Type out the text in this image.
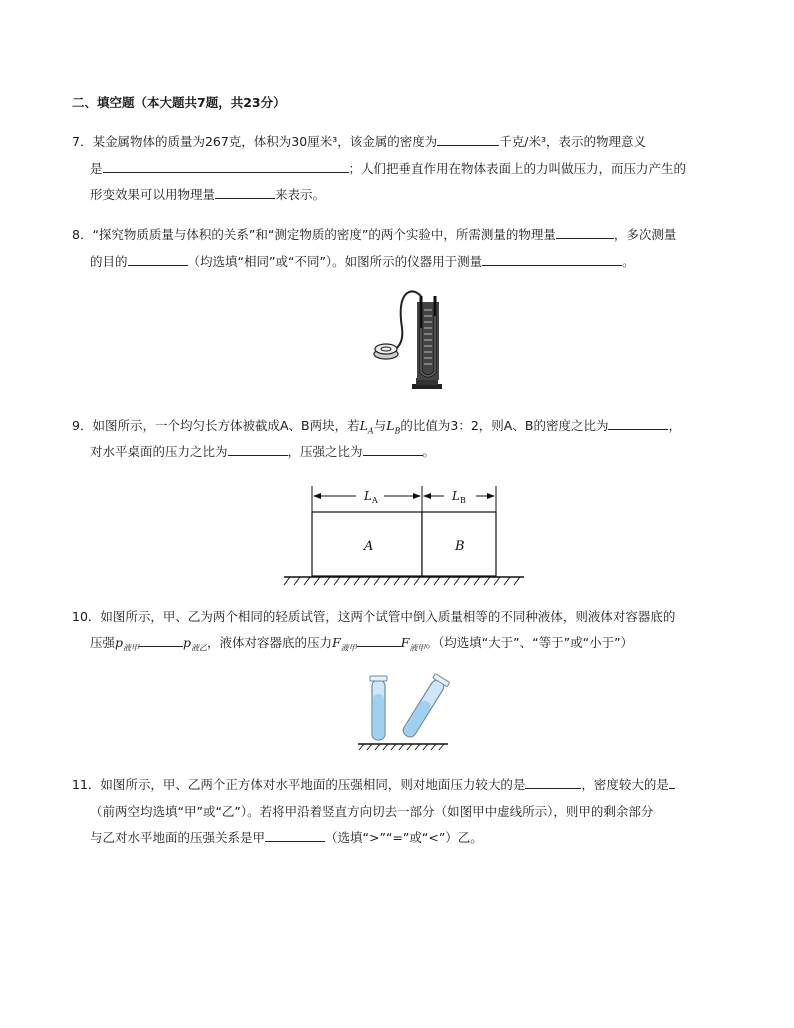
二、填空题（本大题共7题，共23分）
7．某金属物体的质量为267克，体积为30厘米³，该金属的密度为	千克/米³，表示的物理意义
是	；人们把垂直作用在物体表面上的力叫做压力，而压力产生的
形变效果可以用物理量	来表示。
8．“探究物质质量与体积的关系”和“测定物质的密度”的两个实验中，所需测量的物理量	，多次测量
的目的	（均选填“相同”或“不同”）。如图所示的仪器用于测量	。
9．如图所示，一个均匀长方体被截成A、B两块，若$L_A$与$L_B$的比值为3：2，则A、B的密度之比为	，
对水平桌面的压力之比为	，压强之比为	。
L A	L B
A	B
10．如图所示，甲、乙为两个相同的轻质试管，这两个试管中倒入质量相等的不同种液体，则液体对容器底的
压强$p_{液甲}$	$p_{液乙}$，液体对容器底的压力$F_{液甲}$	$F_{液甲}$。（均选填“大于”、“等于”或“小于”）
11．如图所示，甲、乙两个正方体对水平地面的压强相同，则对地面压力较大的是	，密度较大的是
（前两空均选填“甲”或“乙”）。若将甲沿着竖直方向切去一部分（如图甲中虚线所示），则甲的剩余部分
与乙对水平地面的压强关系是甲	（选填“>”“=”或“<”）乙。
